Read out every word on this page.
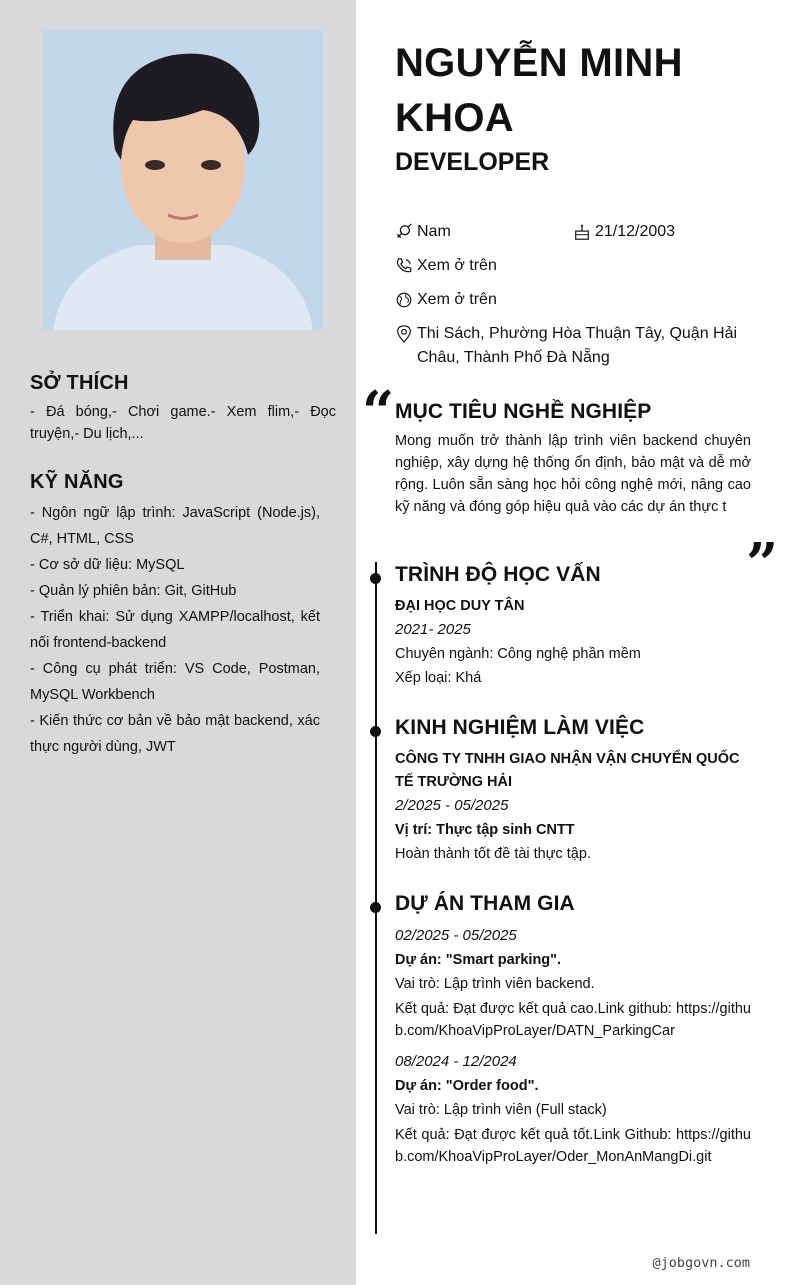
SỞ THÍCH
- Đá bóng,- Chơi game.- Xem flim,- Đọc truyện,- Du lịch,...
KỸ NĂNG
- Ngôn ngữ lập trình: JavaScript (Node.js), C#, HTML, CSS
- Cơ sở dữ liệu: MySQL
- Quản lý phiên bản: Git, GitHub
- Triển khai: Sử dụng XAMPP/localhost, kết nối frontend-backend
- Công cụ phát triển: VS Code, Postman, MySQL Workbench
- Kiến thức cơ bản về bảo mật backend, xác thực người dùng, JWT
NGUYỄN MINH KHOA
DEVELOPER
Nam	21/12/2003
Xem ở trên
Xem ở trên
Thi Sách, Phường Hòa Thuận Tây, Quận Hải Châu, Thành Phố Đà Nẵng
“
”
MỤC TIÊU NGHỀ NGHIỆP
Mong muốn trở thành lập trình viên backend chuyên nghiệp, xây dựng hệ thống ổn định, bảo mật và dễ mở rộng. Luôn sẵn sàng học hỏi công nghệ mới, nâng cao kỹ năng và đóng góp hiệu quả vào các dự án thực t
TRÌNH ĐỘ HỌC VẤN
ĐẠI HỌC DUY TÂN
2021- 2025
Chuyên ngành: Công nghệ phần mềm
Xếp loại: Khá
KINH NGHIỆM LÀM VIỆC
CÔNG TY TNHH GIAO NHẬN VẬN CHUYỂN QUỐC TẾ TRƯỜNG HẢI
2/2025 - 05/2025
Vị trí: Thực tập sinh CNTT
Hoàn thành tốt đề tài thực tập.
DỰ ÁN THAM GIA
02/2025 - 05/2025
Dự án: "Smart parking".
Vai trò: Lập trình viên backend.
Kết quả: Đạt được kết quả cao.Link github: https://github.com/KhoaVipProLayer/DATN_ParkingCar
08/2024 - 12/2024
Dự án: "Order food".
Vai trò: Lập trình viên (Full stack)
Kết quả: Đạt được kết quả tốt.Link Github: https://github.com/KhoaVipProLayer/Oder_MonAnMangDi.git
@jobgovn.com
